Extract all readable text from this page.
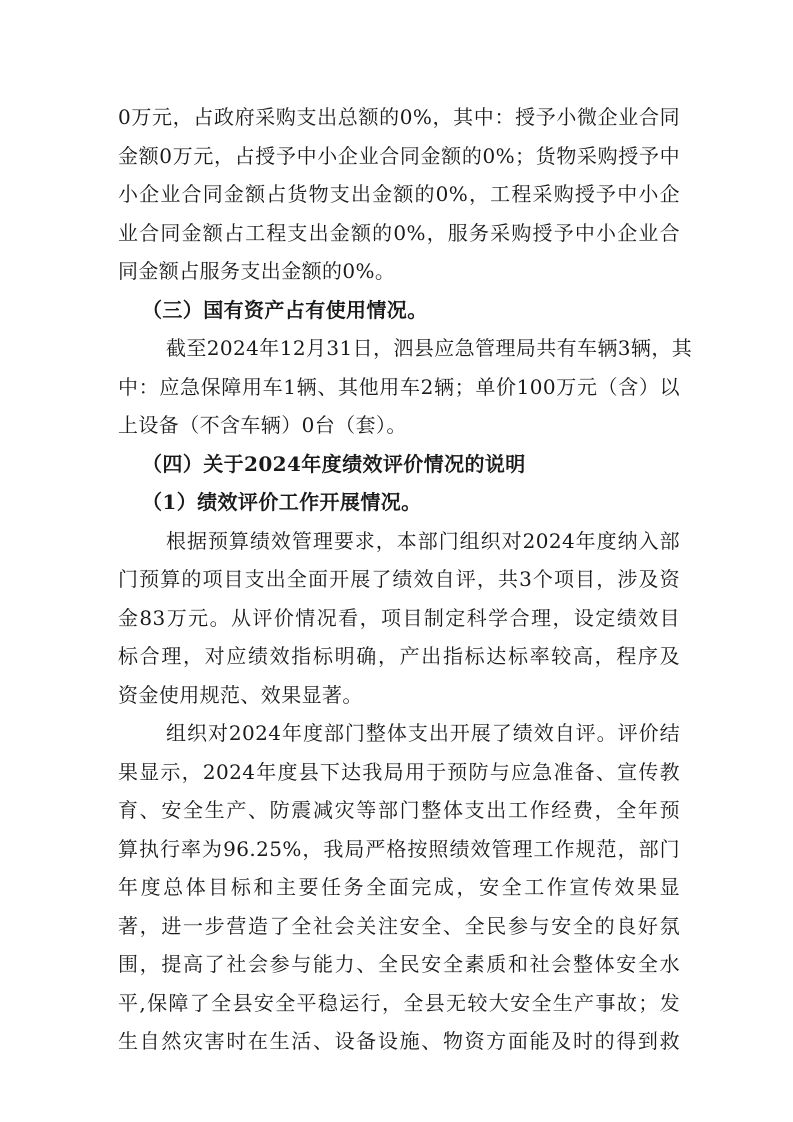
0万元，占政府采购支出总额的0%，其中：授予小微企业合同
金额0万元，占授予中小企业合同金额的0%；货物采购授予中
小企业合同金额占货物支出金额的0%，工程采购授予中小企
业合同金额占工程支出金额的0%，服务采购授予中小企业合
同金额占服务支出金额的0%。
（三）国有资产占有使用情况。
截至2024年12月31日，泗县应急管理局共有车辆3辆，其
中：应急保障用车1辆、其他用车2辆；单价100万元（含）以
上设备（不含车辆）0台（套）。
（四）关于2024年度绩效评价情况的说明
（1）绩效评价工作开展情况。
根据预算绩效管理要求，本部门组织对2024年度纳入部
门预算的项目支出全面开展了绩效自评，共3个项目，涉及资
金83万元。从评价情况看，项目制定科学合理，设定绩效目
标合理，对应绩效指标明确，产出指标达标率较高，程序及
资金使用规范、效果显著。
组织对2024年度部门整体支出开展了绩效自评。评价结
果显示，2024年度县下达我局用于预防与应急准备、宣传教
育、安全生产、防震减灾等部门整体支出工作经费，全年预
算执行率为96.25%，我局严格按照绩效管理工作规范，部门
年度总体目标和主要任务全面完成，安全工作宣传效果显
著，进一步营造了全社会关注安全、全民参与安全的良好氛
围，提高了社会参与能力、全民安全素质和社会整体安全水
平,保障了全县安全平稳运行，全县无较大安全生产事故；发
生自然灾害时在生活、设备设施、物资方面能及时的得到救
